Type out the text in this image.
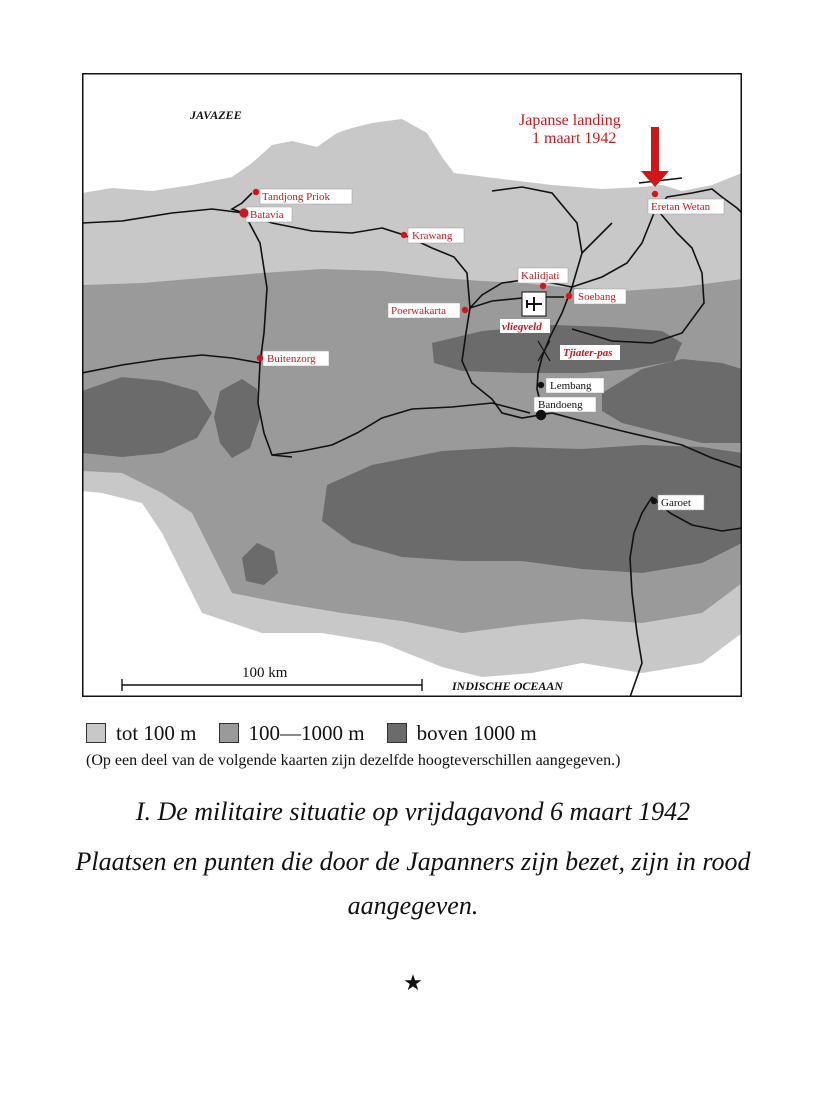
100 km
JAVAZEE
INDISCHE OCEAAN
Japanse landing
1 maart 1942
Tandjong Priok
Batavia
Krawang
Kalidjati
Soebang
Poerwakarta
vliegveld
Tjiater-pas
Buitenzorg
Lembang
Bandoeng
Garoet
Eretan Wetan
tot 100 m 100—1000 m boven 1000 m
(Op een deel van de volgende kaarten zijn dezelfde hoogteverschillen aangegeven.)
I. De militaire situatie op vrijdagavond 6 maart 1942
Plaatsen en punten die door de Japanners zijn bezet, zijn in rood aangegeven.
★
